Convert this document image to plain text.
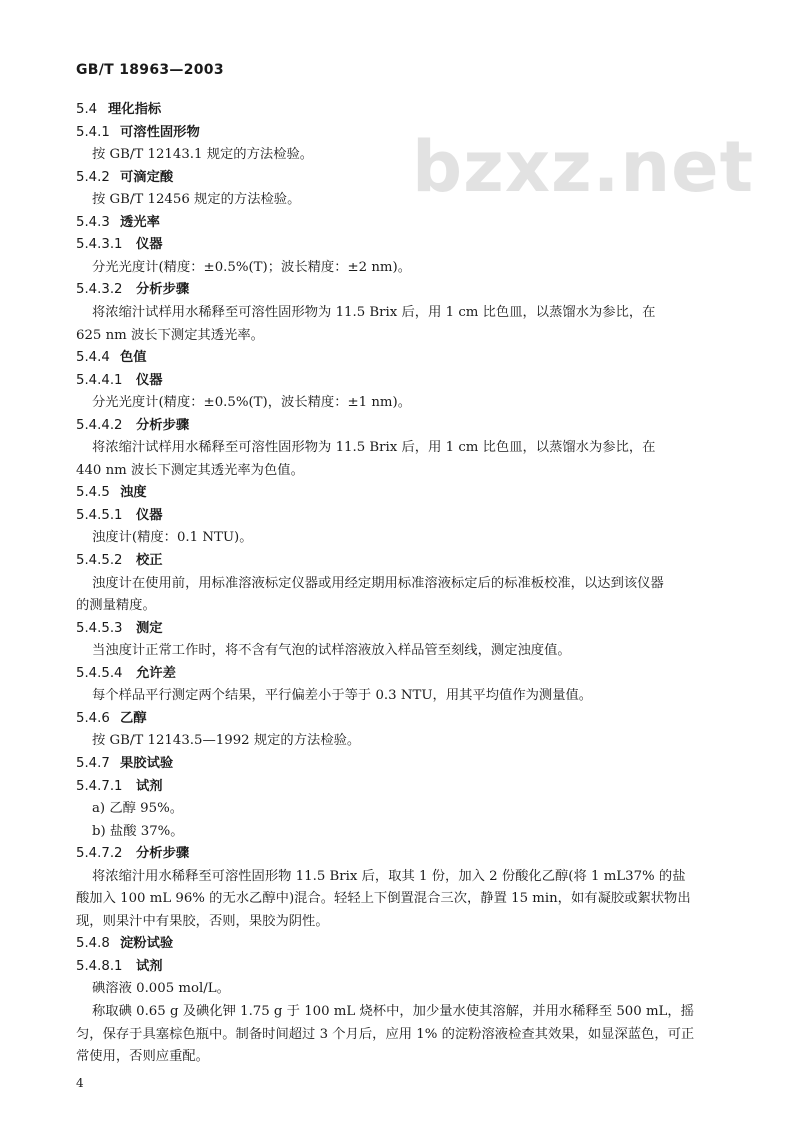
GB/T 18963—2003
bzxz.net
5.4 理化指标
5.4.1 可溶性固形物
按 GB/T 12143.1 规定的方法检验。
5.4.2 可滴定酸
按 GB/T 12456 规定的方法检验。
5.4.3 透光率
5.4.3.1 仪器
分光光度计(精度：±0.5%(T)；波长精度：±2 nm)。
5.4.3.2 分析步骤
将浓缩汁试样用水稀释至可溶性固形物为 11.5 Brix 后，用 1 cm 比色皿，以蒸馏水为参比，在
625 nm 波长下测定其透光率。
5.4.4 色值
5.4.4.1 仪器
分光光度计(精度：±0.5%(T)，波长精度：±1 nm)。
5.4.4.2 分析步骤
将浓缩汁试样用水稀释至可溶性固形物为 11.5 Brix 后，用 1 cm 比色皿，以蒸馏水为参比，在
440 nm 波长下测定其透光率为色值。
5.4.5 浊度
5.4.5.1 仪器
浊度计(精度：0.1 NTU)。
5.4.5.2 校正
浊度计在使用前，用标准溶液标定仪器或用经定期用标准溶液标定后的标准板校准，以达到该仪器
的测量精度。
5.4.5.3 测定
当浊度计正常工作时，将不含有气泡的试样溶液放入样品管至刻线，测定浊度值。
5.4.5.4 允许差
每个样品平行测定两个结果，平行偏差小于等于 0.3 NTU，用其平均值作为测量值。
5.4.6 乙醇
按 GB/T 12143.5—1992 规定的方法检验。
5.4.7 果胶试验
5.4.7.1 试剂
a) 乙醇 95%。
b) 盐酸 37%。
5.4.7.2 分析步骤
将浓缩汁用水稀释至可溶性固形物 11.5 Brix 后，取其 1 份，加入 2 份酸化乙醇(将 1 mL37% 的盐
酸加入 100 mL 96% 的无水乙醇中)混合。轻轻上下倒置混合三次，静置 15 min，如有凝胶或絮状物出
现，则果汁中有果胶，否则，果胶为阴性。
5.4.8 淀粉试验
5.4.8.1 试剂
碘溶液 0.005 mol/L。
称取碘 0.65 g 及碘化钾 1.75 g 于 100 mL 烧杯中，加少量水使其溶解，并用水稀释至 500 mL，摇
匀，保存于具塞棕色瓶中。制备时间超过 3 个月后，应用 1% 的淀粉溶液检查其效果，如显深蓝色，可正
常使用，否则应重配。
4
